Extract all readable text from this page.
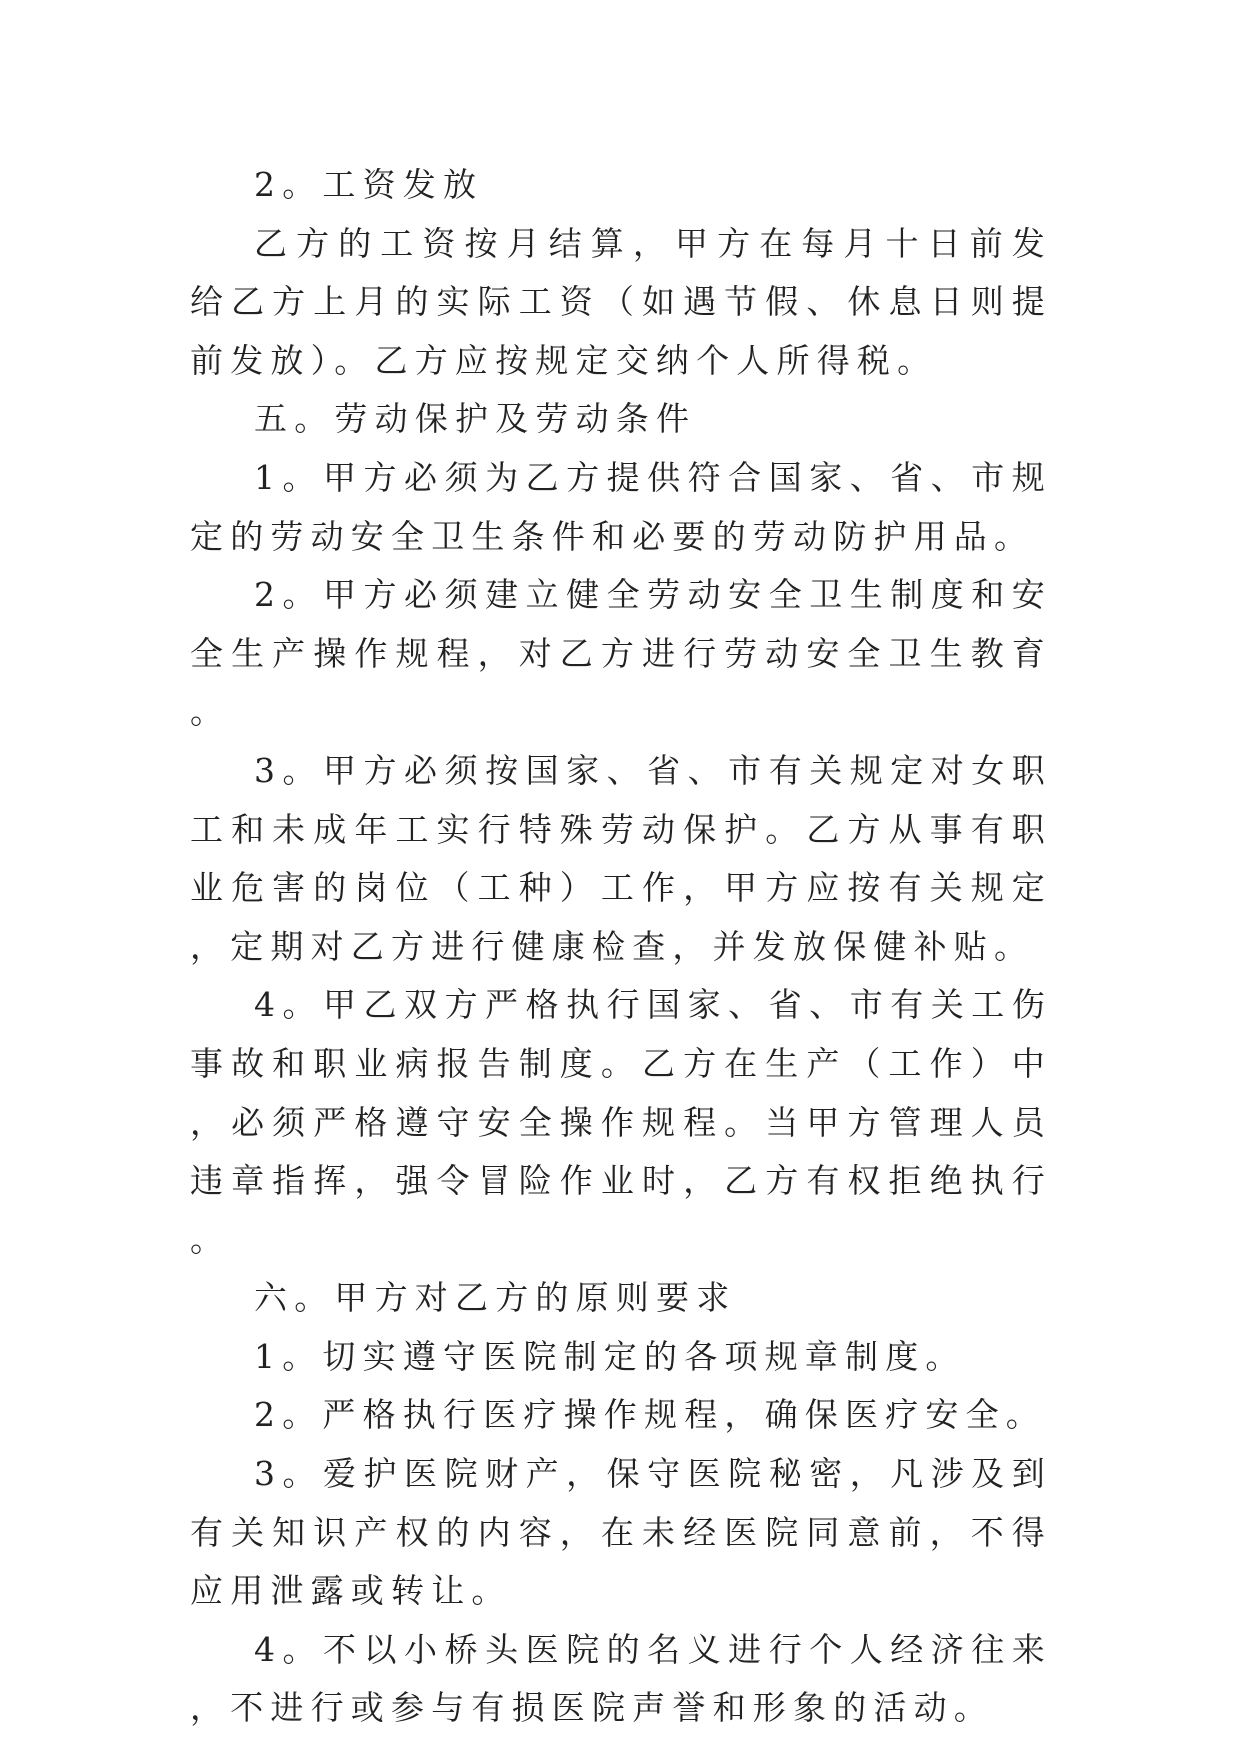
2。工资发放

乙方的工资按月结算，甲方在每月十日前发给乙方上月的实际工资（如遇节假、休息日则提前发放）。乙方应按规定交纳个人所得税。

五。劳动保护及劳动条件

1。甲方必须为乙方提供符合国家、省、市规定的劳动安全卫生条件和必要的劳动防护用品。

2。甲方必须建立健全劳动安全卫生制度和安全生产操作规程，对乙方进行劳动安全卫生教育。

3。甲方必须按国家、省、市有关规定对女职工和未成年工实行特殊劳动保护。乙方从事有职业危害的岗位（工种）工作，甲方应按有关规定，定期对乙方进行健康检查，并发放保健补贴。

4。甲乙双方严格执行国家、省、市有关工伤事故和职业病报告制度。乙方在生产（工作）中，必须严格遵守安全操作规程。当甲方管理人员违章指挥，强令冒险作业时，乙方有权拒绝执行。

六。甲方对乙方的原则要求

1。切实遵守医院制定的各项规章制度。

2。严格执行医疗操作规程，确保医疗安全。

3。爱护医院财产，保守医院秘密，凡涉及到有关知识产权的内容，在未经医院同意前，不得应用泄露或转让。

4。不以小桥头医院的名义进行个人经济往来，不进行或参与有损医院声誉和形象的活动。
